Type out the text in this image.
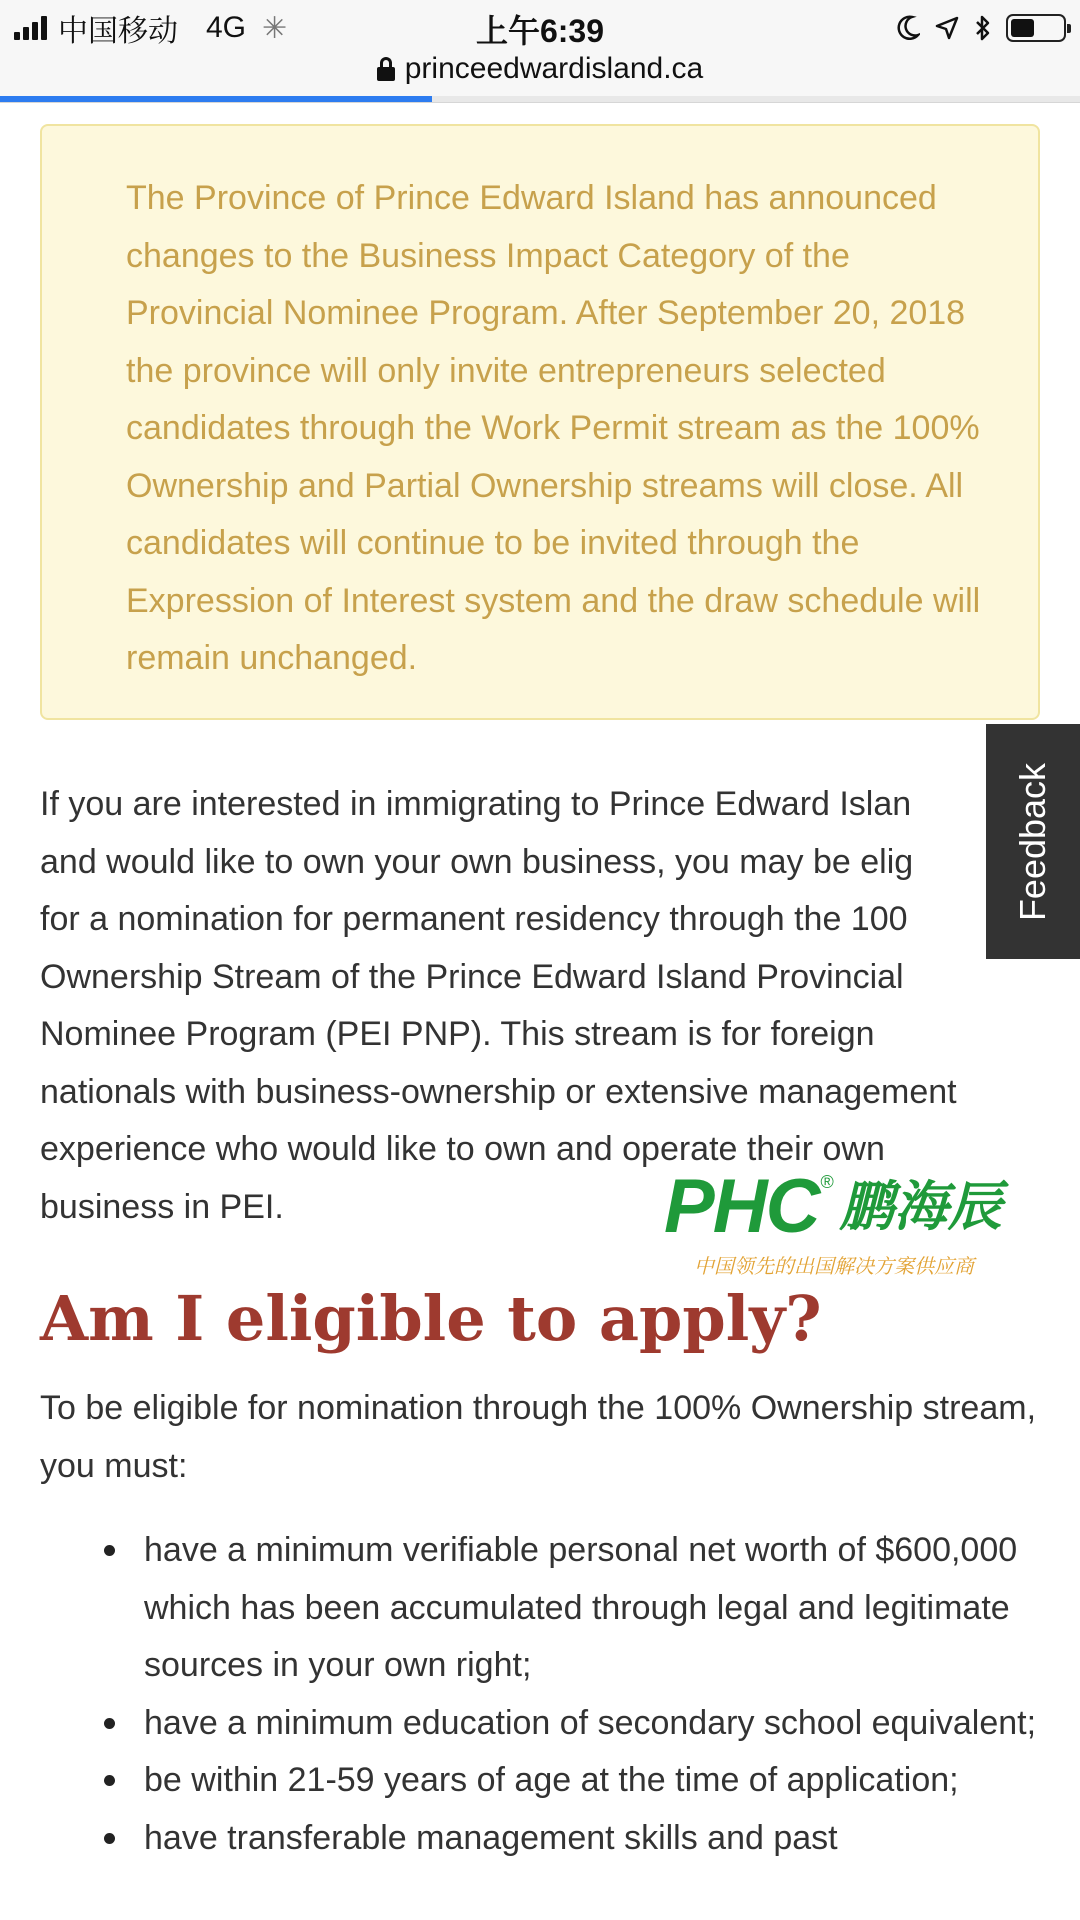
中国移动 4G ✳	上午6:39
princeedwardisland.ca

The Province of Prince Edward Island has announced changes to the Business Impact Category of the Provincial Nominee Program. After September 20, 2018 the province will only invite entrepreneurs selected candidates through the Work Permit stream as the 100% Ownership and Partial Ownership streams will close. All candidates will continue to be invited through the Expression of Interest system and the draw schedule will remain unchanged.

If you are interested in immigrating to Prince Edward Islan
and would like to own your own business, you may be elig
for a nomination for permanent residency through the 100
Ownership Stream of the Prince Edward Island Provincial
Nominee Program (PEI PNP). This stream is for foreign
nationals with business-ownership or extensive management
experience who would like to own and operate their own
business in PEI.
Feedback
PHC ® 鹏海辰
中国领先的出国解决方案供应商
Am I eligible to apply?

To be eligible for nomination through the 100% Ownership stream, you must:

have a minimum verifiable personal net worth of $600,000 which has been accumulated through legal and legitimate sources in your own right;
have a minimum education of secondary school equivalent;
be within 21-59 years of age at the time of application;
have transferable management skills and past
